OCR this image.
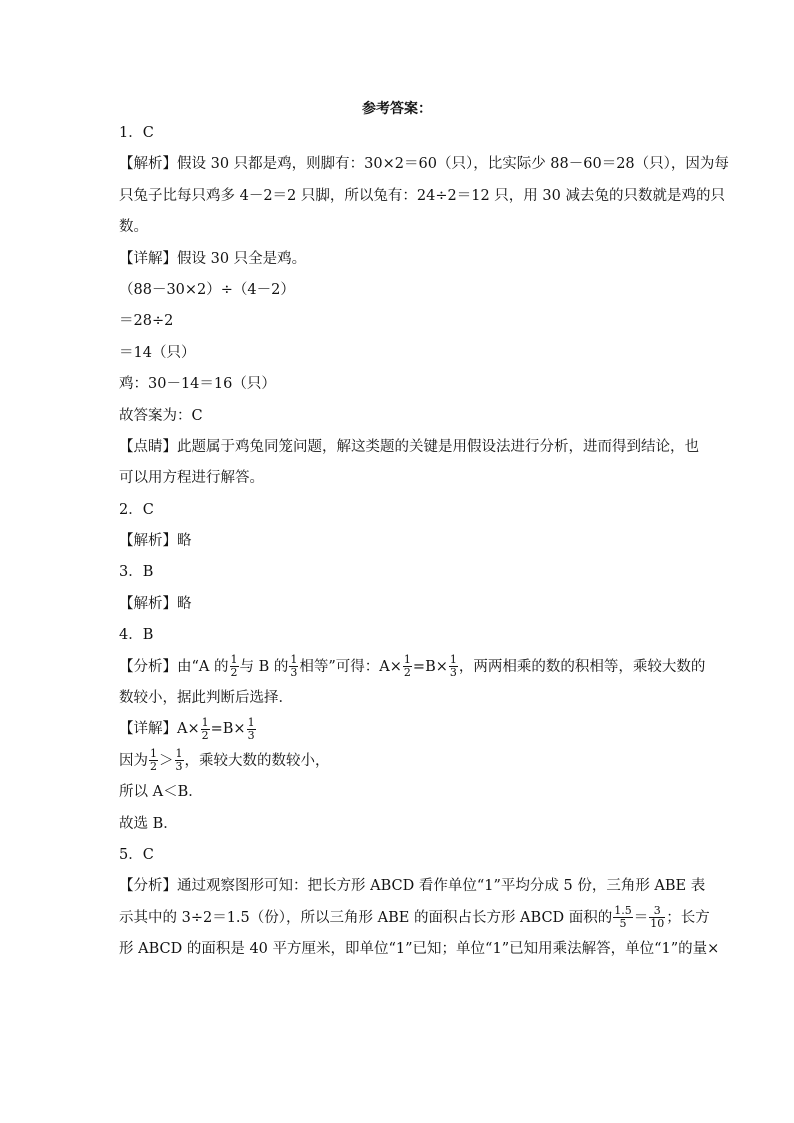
参考答案：
1．C
【解析】假设 30 只都是鸡，则脚有：30×2＝60（只），比实际少 88－60＝28（只），因为每
只兔子比每只鸡多 4－2＝2 只脚，所以兔有：24÷2＝12 只，用 30 减去兔的只数就是鸡的只
数。
【详解】假设 30 只全是鸡。
（88－30×2）÷（4－2）
＝28÷2
＝14（只）
鸡：30－14＝16（只）
故答案为：C
【点睛】此题属于鸡兔同笼问题，解这类题的关键是用假设法进行分析，进而得到结论，也
可以用方程进行解答。
2．C
【解析】略
3．B
【解析】略
4．B
【分析】由“A 的 $\frac{1}{2}$ 与 B 的 $\frac{1}{3}$ 相等”可得：$A\times \frac{1}{2} =B\times \frac{1}{3}$ ，两两相乘的数的积相等，乘较大数的
数较小，据此判断后选择．
【详解】$A\times \frac{1}{2} =B\times \frac{1}{3}$
因为 $\frac{1}{2} > \frac{1}{3}$ ，乘较大数的数较小，
所以 A＜B．
故选 B．
5．C
【分析】通过观察图形可知：把长方形 ABCD 看作单位“1”平均分成 5 份，三角形 ABE 表
示其中的 3÷2＝1.5（份），所以三角形 ABE 的面积占长方形 ABCD 面积的 $\frac{1.5}{5} = \frac{3}{10}$ ；长方
形 ABCD 的面积是 40 平方厘米，即单位“1”已知；单位“1”已知用乘法解答，单位“1”的量×
